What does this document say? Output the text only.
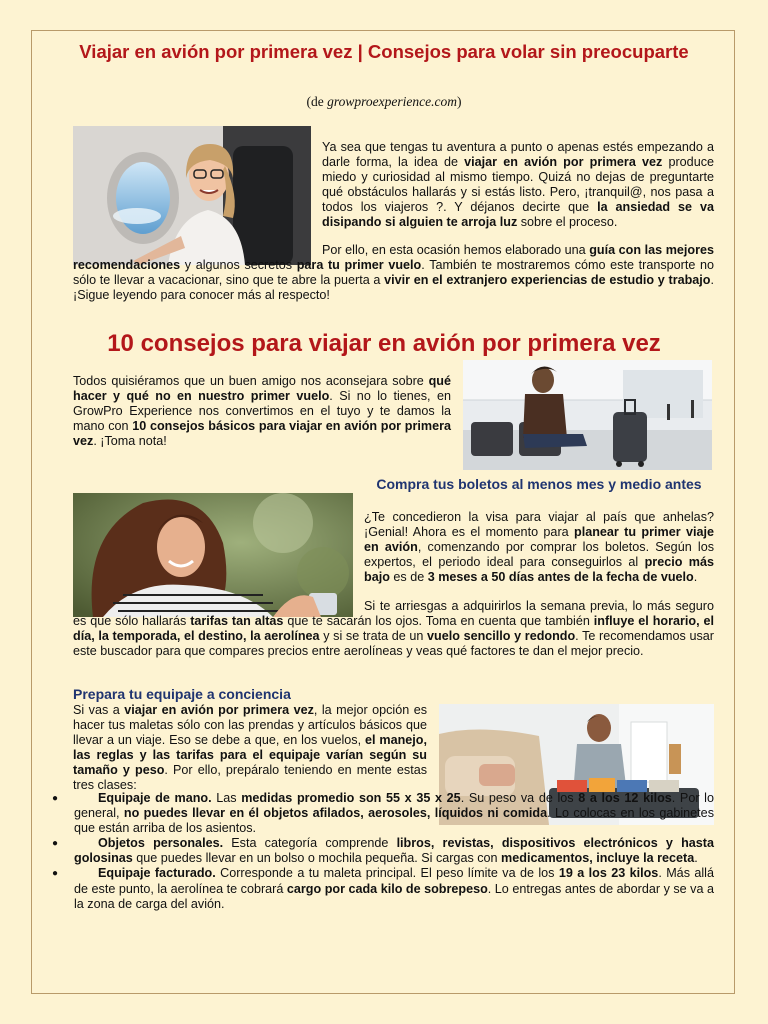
Viajar en avión por primera vez | Consejos para volar sin preocuparte
(de growproexperience.com)

Ya sea que tengas tu aventura a punto o apenas estés empezando a darle forma, la idea de viajar en avión por primera vez produce miedo y curiosidad al mismo tiempo. Quizá no dejas de preguntarte qué obstáculos hallarás y si estás listo. Pero, ¡tranquil@, nos pasa a todos los viajeros ?. Y déjanos decirte que la ansiedad se va disipando si alguien te arroja luz sobre el proceso.

Por ello, en esta ocasión hemos elaborado una guía con las mejores recomendaciones y algunos secretos para tu primer vuelo. También te mostraremos cómo este transporte no sólo te llevar a vacacionar, sino que te abre la puerta a vivir en el extranjero experiencias de estudio y trabajo. ¡Sigue leyendo para conocer más al respecto!

10 consejos para viajar en avión por primera vez

Todos quisiéramos que un buen amigo nos aconsejara sobre qué hacer y qué no en nuestro primer vuelo. Si no lo tienes, en GrowPro Experience nos convertimos en el tuyo y te damos la mano con 10 consejos básicos para viajar en avión por primera vez. ¡Toma nota!

Compra tus boletos al menos mes y medio antes

¿Te concedieron la visa para viajar al país que anhelas? ¡Genial! Ahora es el momento para planear tu primer viaje en avión, comenzando por comprar los boletos. Según los expertos, el periodo ideal para conseguirlos al precio más bajo es de 3 meses a 50 días antes de la fecha de vuelo.

Si te arriesgas a adquirirlos la semana previa, lo más seguro es que sólo hallarás tarifas tan altas que te sacarán los ojos. Toma en cuenta que también influye el horario, el día, la temporada, el destino, la aerolínea y si se trata de un vuelo sencillo y redondo. Te recomendamos usar este buscador para que compares precios entre aerolíneas y veas qué factores te dan el mejor precio.

Prepara tu equipaje a conciencia

Si vas a viajar en avión por primera vez, la mejor opción es hacer tus maletas sólo con las prendas y artículos básicos que llevar a un viaje. Eso se debe a que, en los vuelos, el manejo, las reglas y las tarifas para el equipaje varían según su tamaño y peso. Por ello, prepáralo teniendo en mente estas tres clases:

●	Equipaje de mano. Las medidas promedio son 55 x 35 x 25. Su peso va de los 8 a los 12 kilos. Por lo general, no puedes llevar en él objetos afilados, aerosoles, líquidos ni comida. Lo colocas en los gabinetes que están arriba de los asientos.
●	Objetos personales. Esta categoría comprende libros, revistas, dispositivos electrónicos y hasta golosinas que puedes llevar en un bolso o mochila pequeña. Si cargas con medicamentos, incluye la receta.
●	Equipaje facturado. Corresponde a tu maleta principal. El peso límite va de los 19 a los 23 kilos. Más allá de este punto, la aerolínea te cobrará cargo por cada kilo de sobrepeso. Lo entregas antes de abordar y se va a la zona de carga del avión.
